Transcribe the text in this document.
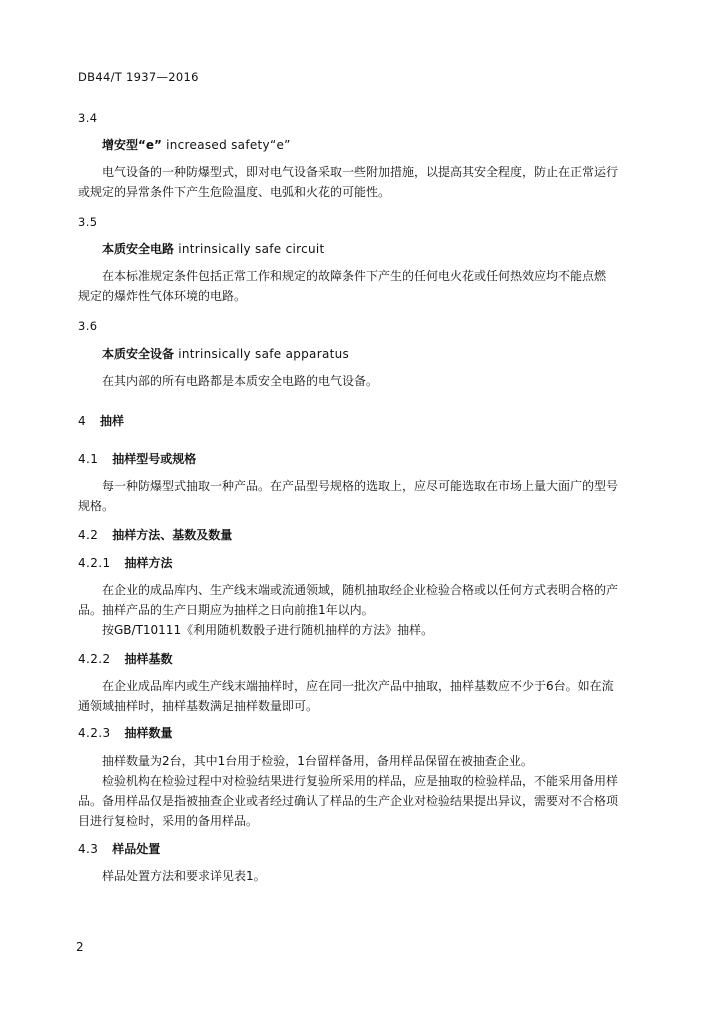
DB44/T 1937—2016
3.4
增安型“e” increased safety“e”
电气设备的一种防爆型式，即对电气设备采取一些附加措施，以提高其安全程度，防止在正常运行
或规定的异常条件下产生危险温度、电弧和火花的可能性。
3.5
本质安全电路 intrinsically safe circuit
在本标准规定条件包括正常工作和规定的故障条件下产生的任何电火花或任何热效应均不能点燃
规定的爆炸性气体环境的电路。
3.6
本质安全设备 intrinsically safe apparatus
在其内部的所有电路都是本质安全电路的电气设备。
4 抽样
4.1 抽样型号或规格
每一种防爆型式抽取一种产品。在产品型号规格的选取上，应尽可能选取在市场上量大面广的型号
规格。
4.2 抽样方法、基数及数量
4.2.1 抽样方法
在企业的成品库内、生产线末端或流通领域，随机抽取经企业检验合格或以任何方式表明合格的产
品。抽样产品的生产日期应为抽样之日向前推1年以内。
按GB/T10111《利用随机数骰子进行随机抽样的方法》抽样。
4.2.2 抽样基数
在企业成品库内或生产线末端抽样时，应在同一批次产品中抽取，抽样基数应不少于6台。如在流
通领域抽样时，抽样基数满足抽样数量即可。
4.2.3 抽样数量
抽样数量为2台，其中1台用于检验，1台留样备用，备用样品保留在被抽查企业。
检验机构在检验过程中对检验结果进行复验所采用的样品，应是抽取的检验样品，不能采用备用样
品。备用样品仅是指被抽查企业或者经过确认了样品的生产企业对检验结果提出异议，需要对不合格项
目进行复检时，采用的备用样品。
4.3 样品处置
样品处置方法和要求详见表1。
2
